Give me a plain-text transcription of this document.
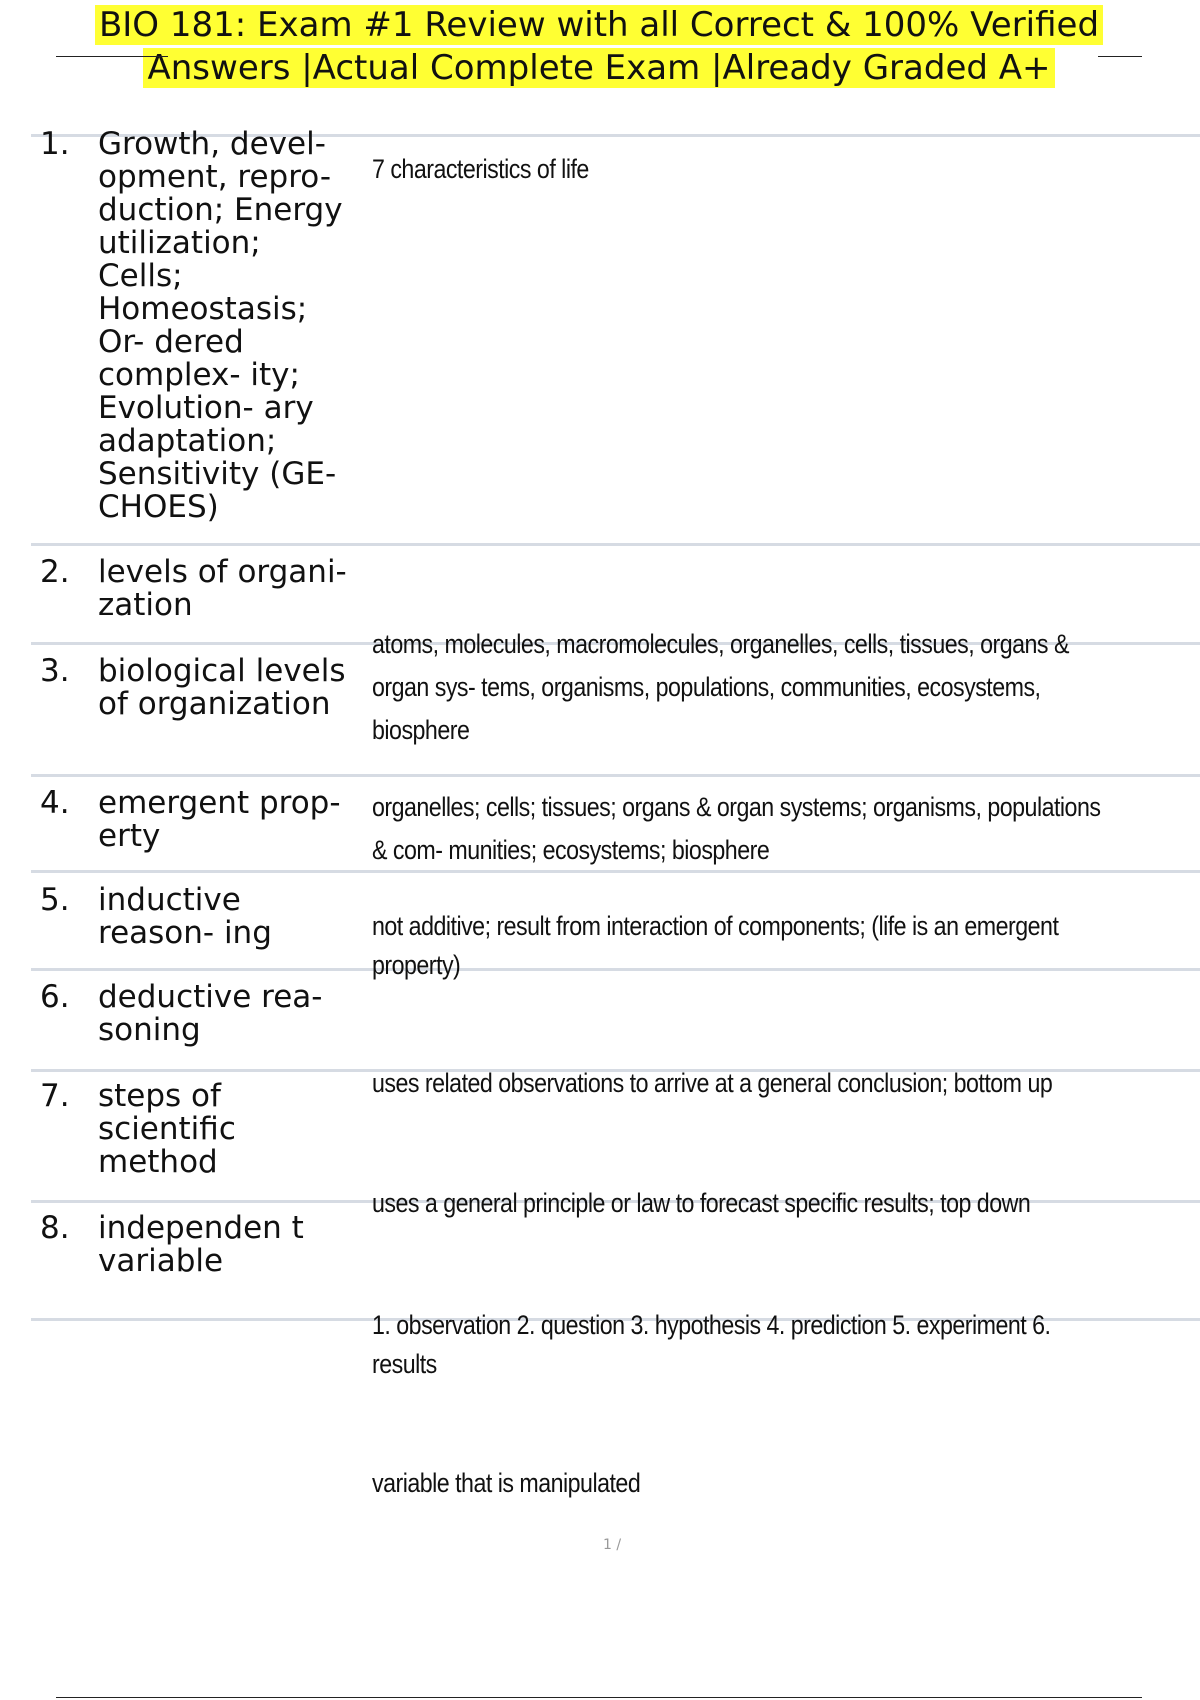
BIO 181: Exam #1 Review with all Correct & 100% Verified
Answers |Actual Complete Exam |Already Graded A+
1. Growth, devel- opment, repro- duction; Energy utilization; Cells; Homeostasis; Or- dered complex- ity; Evolution- ary adaptation; Sensitivity (GE- CHOES)
2. levels of organi- zation
3. biological levels of organization
4. emergent prop- erty
5. inductive reason- ing
6. deductive rea- soning
7. steps of scientific method
8. independen t variable
7 characteristics of life
atoms, molecules, macromolecules, organelles, cells, tissues, organs &
organ sys- tems, organisms, populations, communities, ecosystems,
biosphere
organelles; cells; tissues; organs & organ systems; organisms, populations
& com- munities; ecosystems; biosphere
not additive; result from interaction of components; (life is an emergent
property)
uses related observations to arrive at a general conclusion; bottom up
uses a general principle or law to forecast specific results; top down
1. observation 2. question 3. hypothesis 4. prediction 5. experiment 6.
results
variable that is manipulated
1 /
